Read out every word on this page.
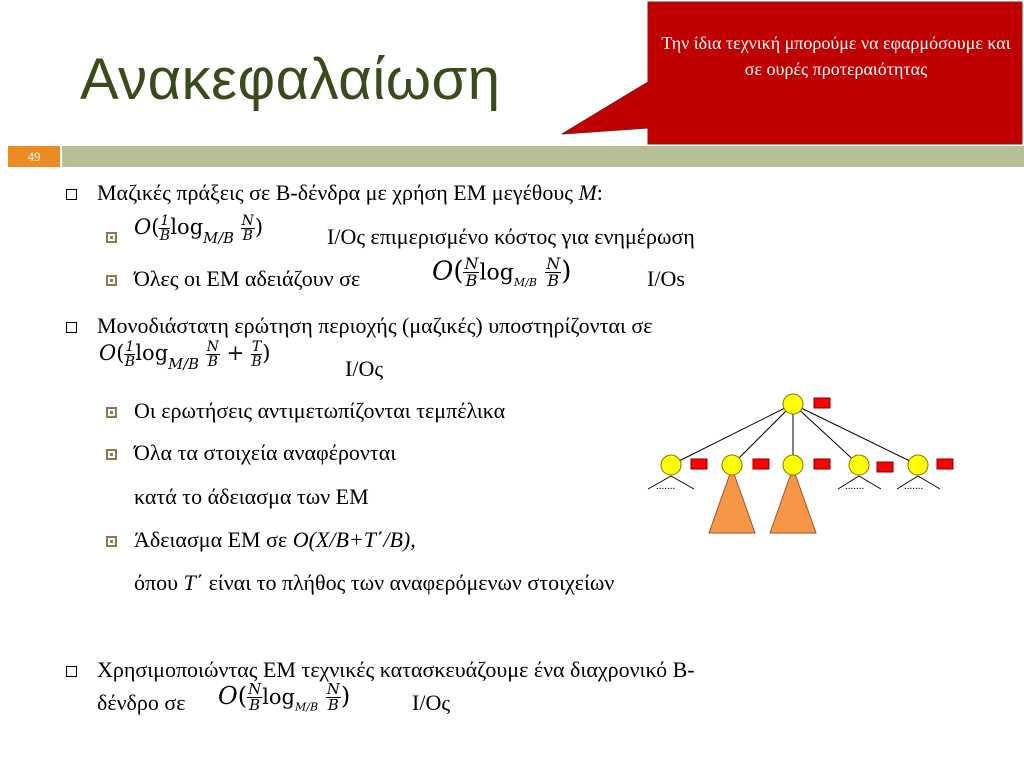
Ανακεφαλαίωση
49
Την ίδια τεχνική μπορούμε να εφαρμόσουμε και σε ουρές προτεραιότητας
Μαζικές πράξεις σε B-δένδρα με χρήση EM μεγέθους M:
$O( \frac{1}{B} \log_{M/B} \frac{N}{B}$ )	I/Ος επιμερισμένο κόστος για ενημέρωση
Όλες οι EM αδειάζουν σε	$O( \frac{N}{B} \log_{M/B} \frac{N}{B}$ )	I/Os
Μονοδιάστατη ερώτηση περιοχής (μαζικές) υποστηρίζονται σε
$O( \frac{1}{B} \log_{M/B} \frac{N}{B} + \frac{T}{B}$ )
I/Ος
Οι ερωτήσεις αντιμετωπίζονται τεμπέλικα
Όλα τα στοιχεία αναφέρονται
κατά το άδειασμα των EM
Άδειασμα EM σε O(X/B+T΄/B),
όπου T΄ είναι το πλήθος των αναφερόμενων στοιχείων
Χρησιμοποιώντας EM τεχνικές κατασκευάζουμε ένα διαχρονικό B-
δένδρο σε $O( \frac{N}{B} \log_{M/B} \frac{N}{B}$ )	I/Ος
.......	.......	.......
